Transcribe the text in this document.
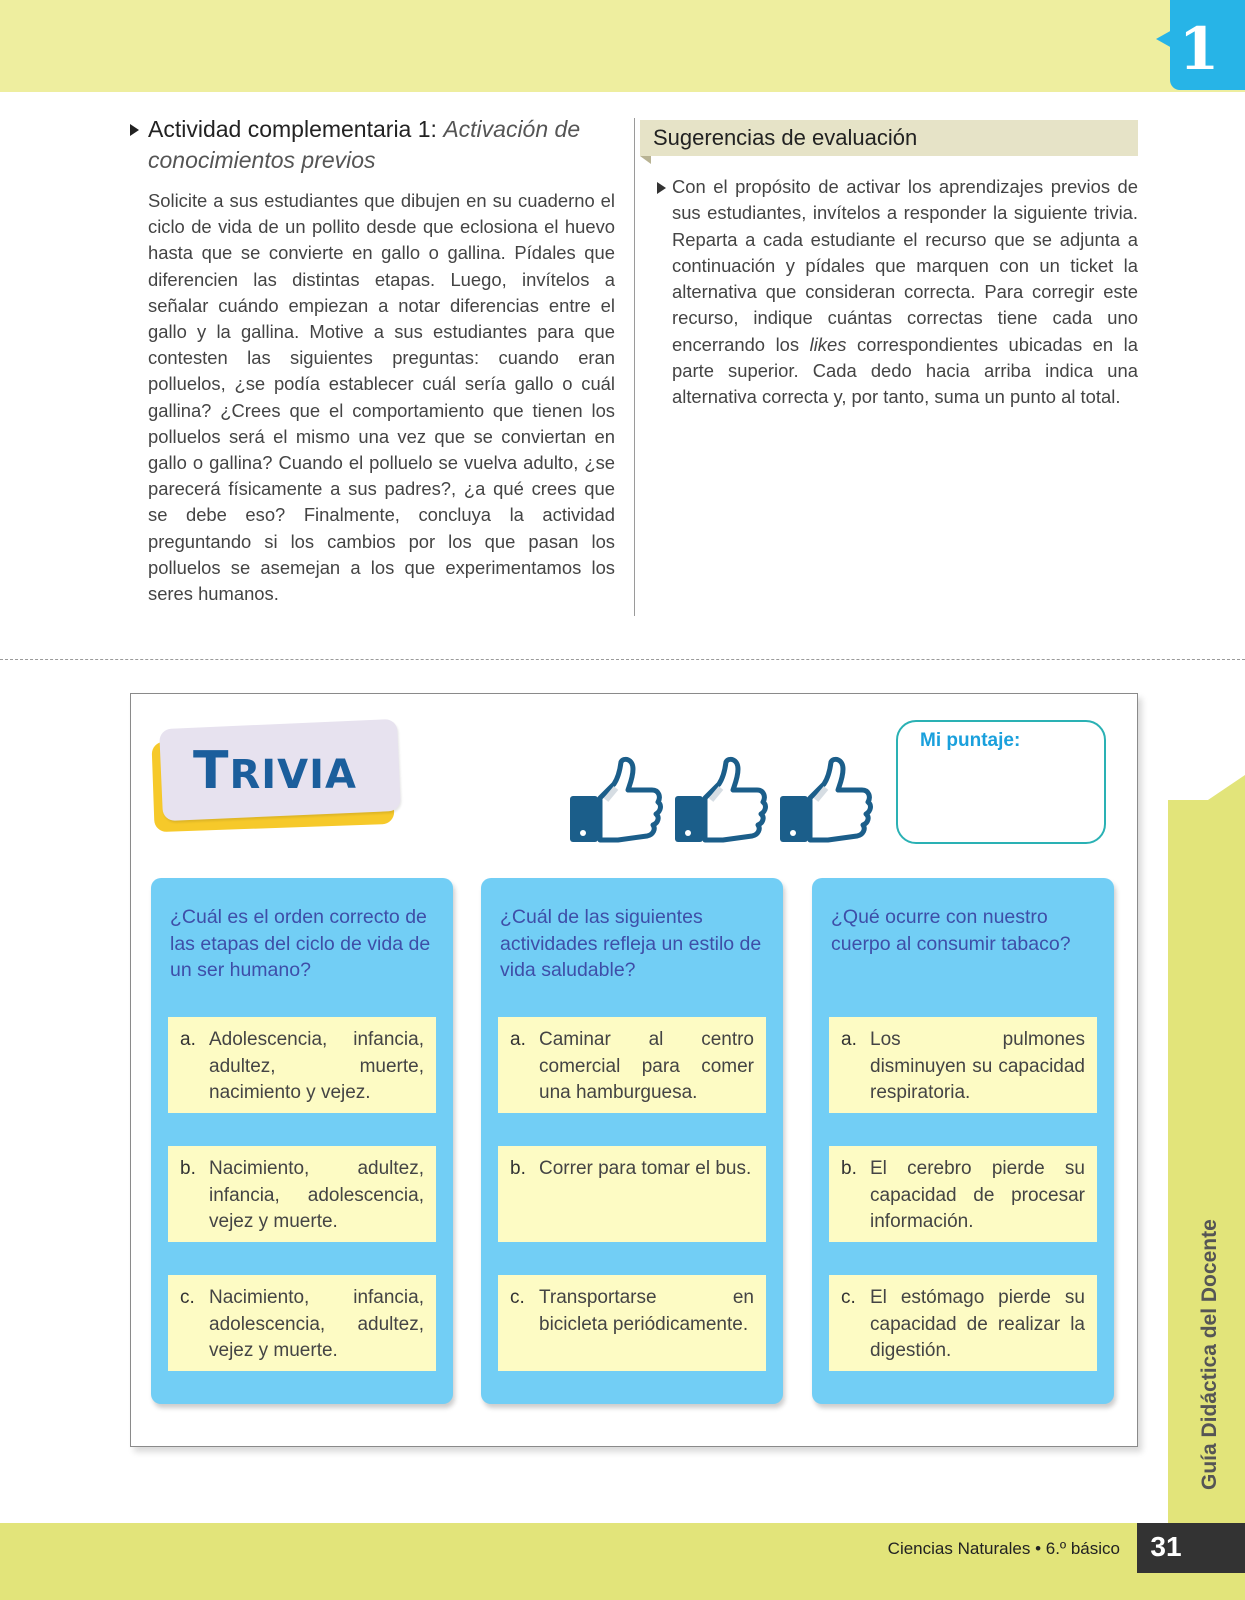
1
Actividad complementaria 1: Activación de conocimientos previos
Solicite a sus estudiantes que dibujen en su cuaderno el ciclo de vida de un pollito desde que eclosiona el huevo hasta que se convierte en gallo o gallina. Pídales que diferencien las distintas etapas. Luego, invítelos a señalar cuándo empiezan a notar diferencias entre el gallo y la gallina. Motive a sus estudiantes para que contesten las siguientes preguntas: cuando eran polluelos, ¿se podía establecer cuál sería gallo o cuál gallina? ¿Crees que el comportamiento que tienen los polluelos será el mismo una vez que se conviertan en gallo o gallina? Cuando el polluelo se vuelva adulto, ¿se parecerá físicamente a sus padres?, ¿a qué crees que se debe eso? Finalmente, concluya la actividad preguntando si los cambios por los que pasan los polluelos se asemejan a los que experimentamos los seres humanos.
Sugerencias de evaluación
Con el propósito de activar los aprendizajes previos de sus estudiantes, invítelos a responder la siguiente trivia. Reparta a cada estudiante el recurso que se adjunta a continuación y pídales que marquen con un ticket la alternativa que consideran correcta. Para corregir este recurso, indique cuántas correctas tiene cada uno encerrando los likes correspondientes ubicadas en la parte superior. Cada dedo hacia arriba indica una alternativa correcta y, por tanto, suma un punto al total.
TRIVIA
Mi puntaje:
¿Cuál es el orden correcto de las etapas del ciclo de vida de un ser humano?
a. Adolescencia, infancia, adultez, muerte, nacimiento y vejez.
b. Nacimiento, adultez, infancia, adolescencia, vejez y muerte.
c. Nacimiento, infancia, adolescencia, adultez, vejez y muerte.
¿Cuál de las siguientes actividades refleja un estilo de vida saludable?
a. Caminar al centro comercial para comer una hamburguesa.
b. Correr para tomar el bus.
c. Transportarse en bicicleta periódicamente.
¿Qué ocurre con nuestro cuerpo al consumir tabaco?
a. Los pulmones disminuyen su capacidad respiratoria.
b. El cerebro pierde su capacidad de procesar información.
c. El estómago pierde su capacidad de realizar la digestión.	Guía Didáctica del Docente
Ciencias Naturales • 6.º básico	31
